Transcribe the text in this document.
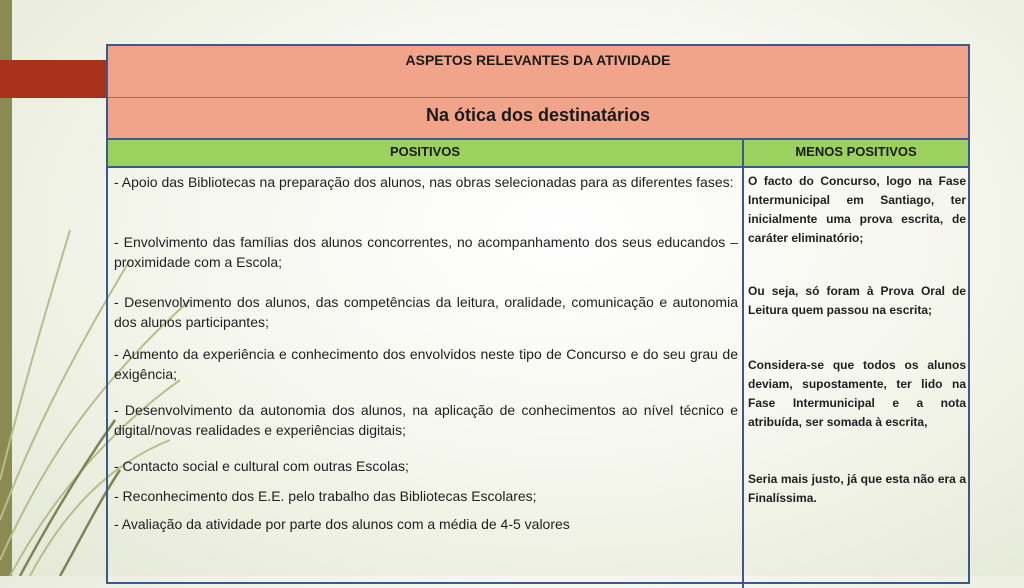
ASPETOS RELEVANTES DA ATIVIDADE
Na ótica dos destinatários
POSITIVOS	MENOS POSITIVOS
- Apoio das Bibliotecas na preparação dos alunos, nas obras selecionadas para as diferentes fases:
- Envolvimento das famílias dos alunos concorrentes, no acompanhamento dos seus educandos – proximidade com a Escola;
- Desenvolvimento dos alunos, das competências da leitura, oralidade, comunicação e autonomia dos alunos participantes;
- Aumento da experiência e conhecimento dos envolvidos neste tipo de Concurso e do seu grau de exigência;
- Desenvolvimento da autonomia dos alunos, na aplicação de conhecimentos ao nível técnico e digital/novas realidades e experiências digitais;
- Contacto social e cultural com outras Escolas;
- Reconhecimento dos E.E. pelo trabalho das Bibliotecas Escolares;
- Avaliação da atividade por parte dos alunos com a média de 4-5 valores
O facto do Concurso, logo na Fase Intermunicipal em Santiago, ter inicialmente uma prova escrita, de caráter eliminatório;
Ou seja, só foram à Prova Oral de Leitura quem passou na escrita;
Considera-se que todos os alunos deviam, supostamente, ter lido na Fase Intermunicipal e a nota atribuída, ser somada à escrita,
Seria mais justo, já que esta não era a Finalíssima.
